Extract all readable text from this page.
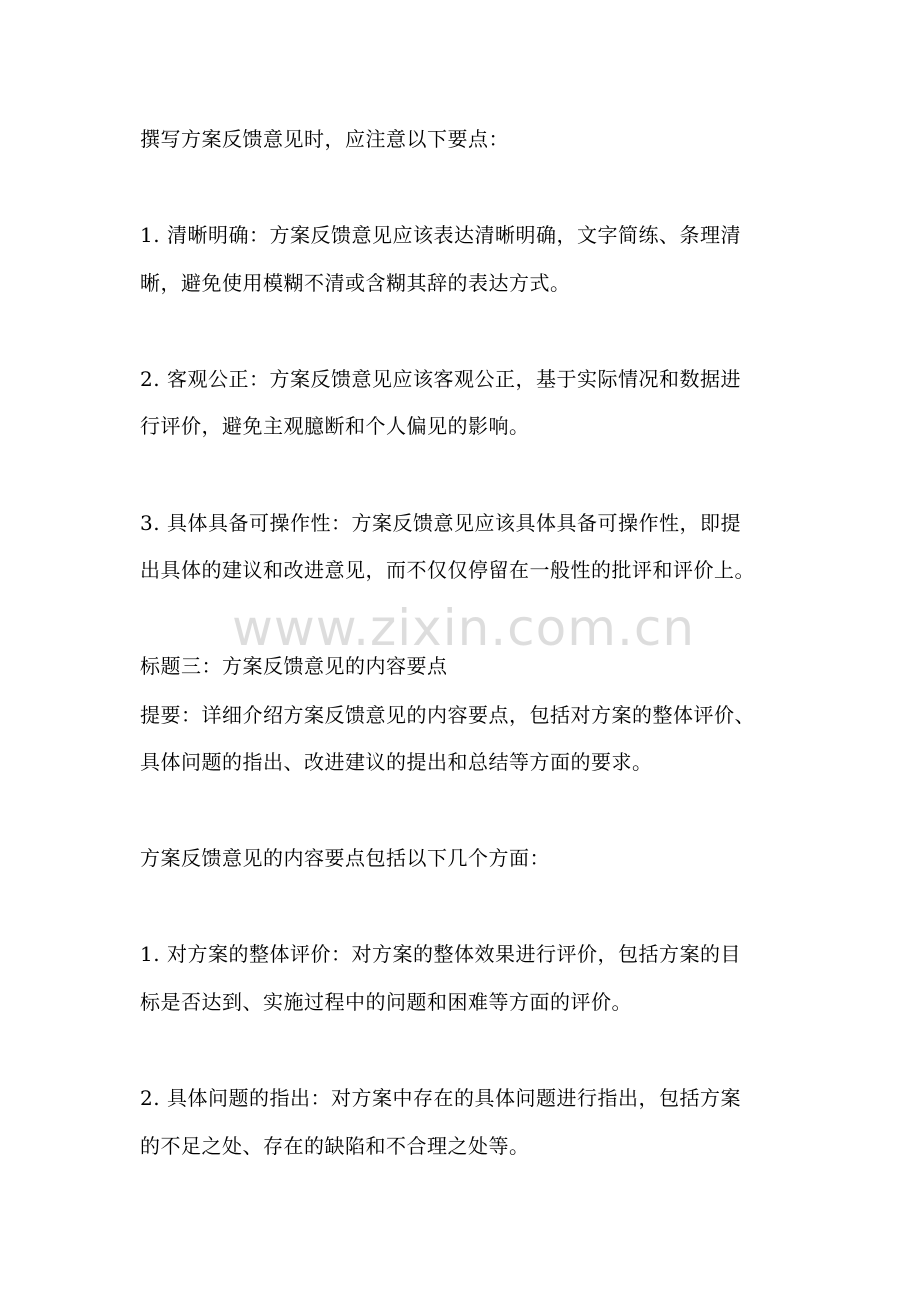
撰写方案反馈意见时，应注意以下要点：
1. 清晰明确：方案反馈意见应该表达清晰明确，文字简练、条理清
晰，避免使用模糊不清或含糊其辞的表达方式。
2. 客观公正：方案反馈意见应该客观公正，基于实际情况和数据进
行评价，避免主观臆断和个人偏见的影响。
3. 具体具备可操作性：方案反馈意见应该具体具备可操作性，即提
出具体的建议和改进意见，而不仅仅停留在一般性的批评和评价上。
www.zixin.com.cn
标题三：方案反馈意见的内容要点
提要：详细介绍方案反馈意见的内容要点，包括对方案的整体评价、
具体问题的指出、改进建议的提出和总结等方面的要求。
方案反馈意见的内容要点包括以下几个方面：
1. 对方案的整体评价：对方案的整体效果进行评价，包括方案的目
标是否达到、实施过程中的问题和困难等方面的评价。
2. 具体问题的指出：对方案中存在的具体问题进行指出，包括方案
的不足之处、存在的缺陷和不合理之处等。
